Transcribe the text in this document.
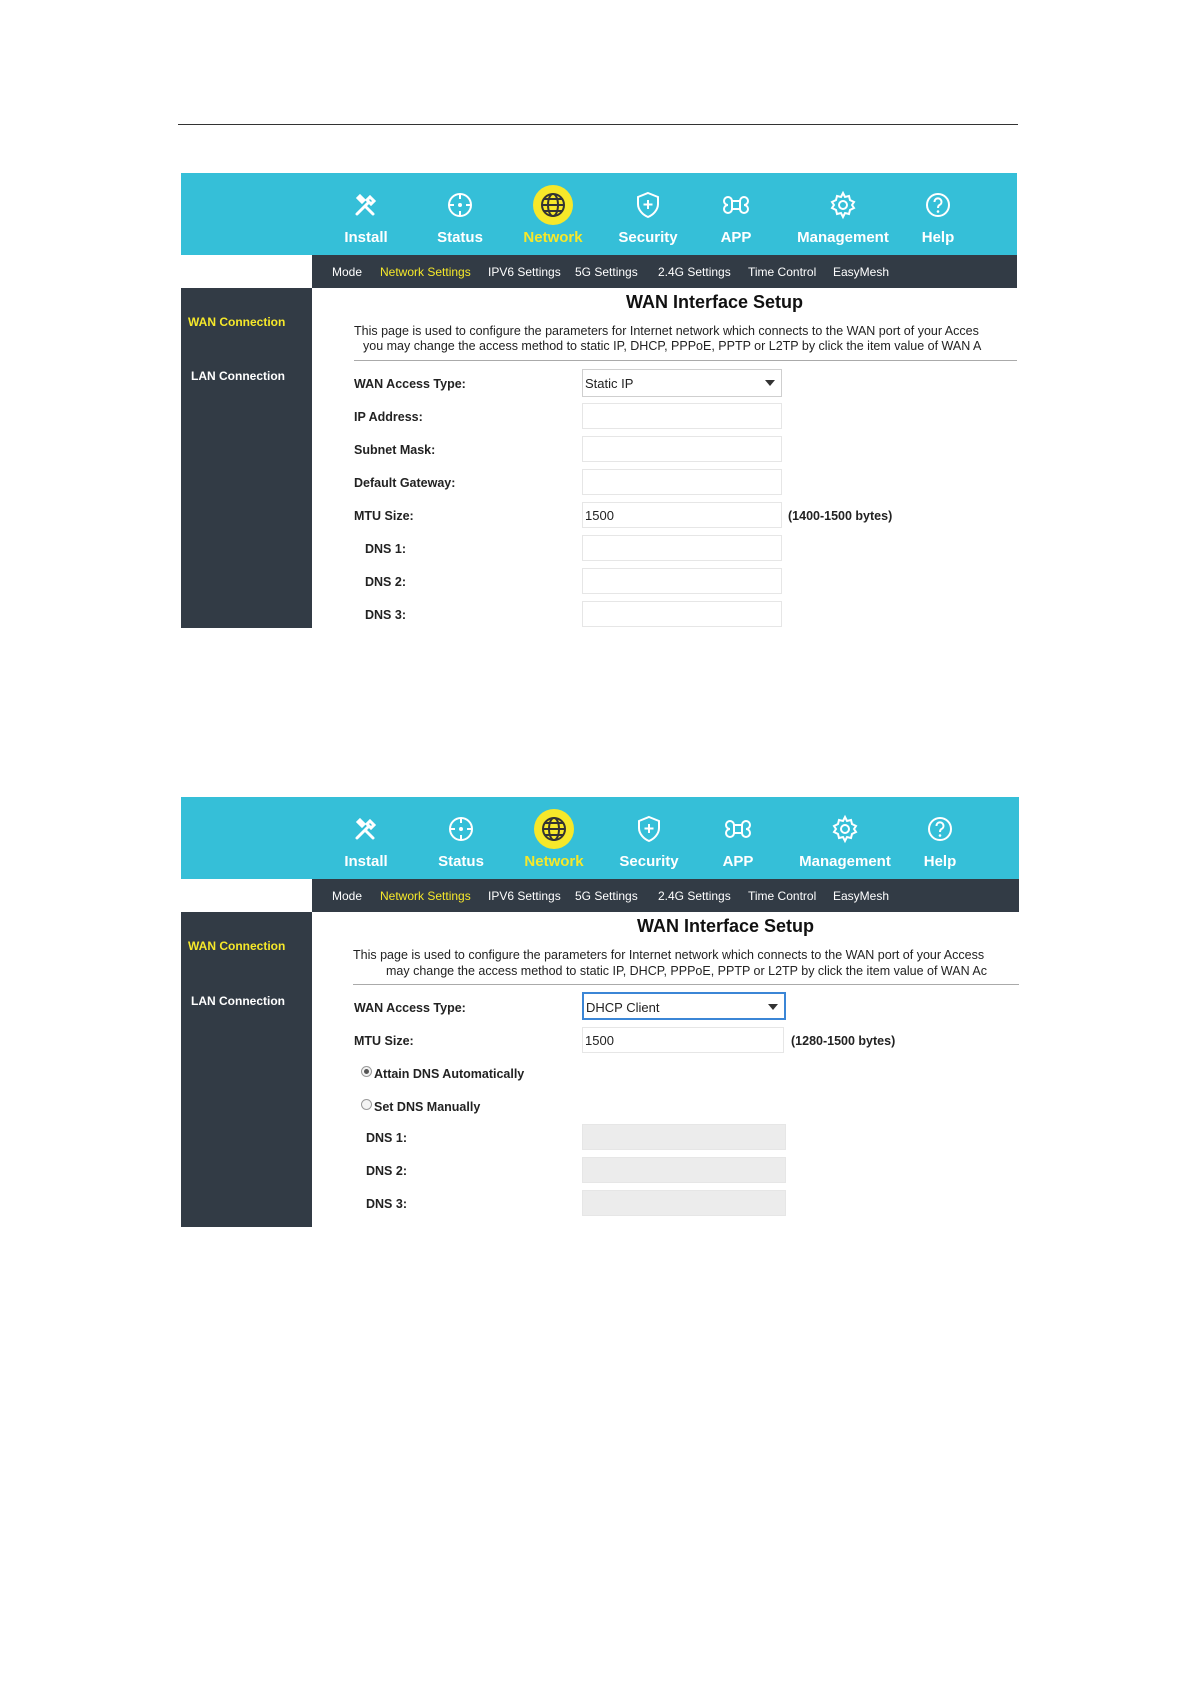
Install	Status	Network	Security	APP	Management	Help
Mode Network Settings IPV6 Settings 5G Settings 2.4G Settings Time Control EasyMesh
WAN Connection
LAN Connection
WAN Interface Setup
This page is used to configure the parameters for Internet network which connects to the WAN port of your Acces
you may change the access method to static IP, DHCP, PPPoE, PPTP or L2TP by click the item value of WAN A
WAN Access Type:	Static IP
IP Address:
Subnet Mask:
Default Gateway:
MTU Size:	1500	(1400-1500 bytes)
DNS 1:
DNS 2:
DNS 3:
Install	Status	Network	Security	APP	Management	Help
Mode Network Settings IPV6 Settings 5G Settings 2.4G Settings Time Control EasyMesh
WAN Connection
LAN Connection
WAN Interface Setup
This page is used to configure the parameters for Internet network which connects to the WAN port of your Access
may change the access method to static IP, DHCP, PPPoE, PPTP or L2TP by click the item value of WAN Ac
WAN Access Type:	DHCP Client
MTU Size:	1500	(1280-1500 bytes)
Attain DNS Automatically
Set DNS Manually
DNS 1:
DNS 2:
DNS 3:
